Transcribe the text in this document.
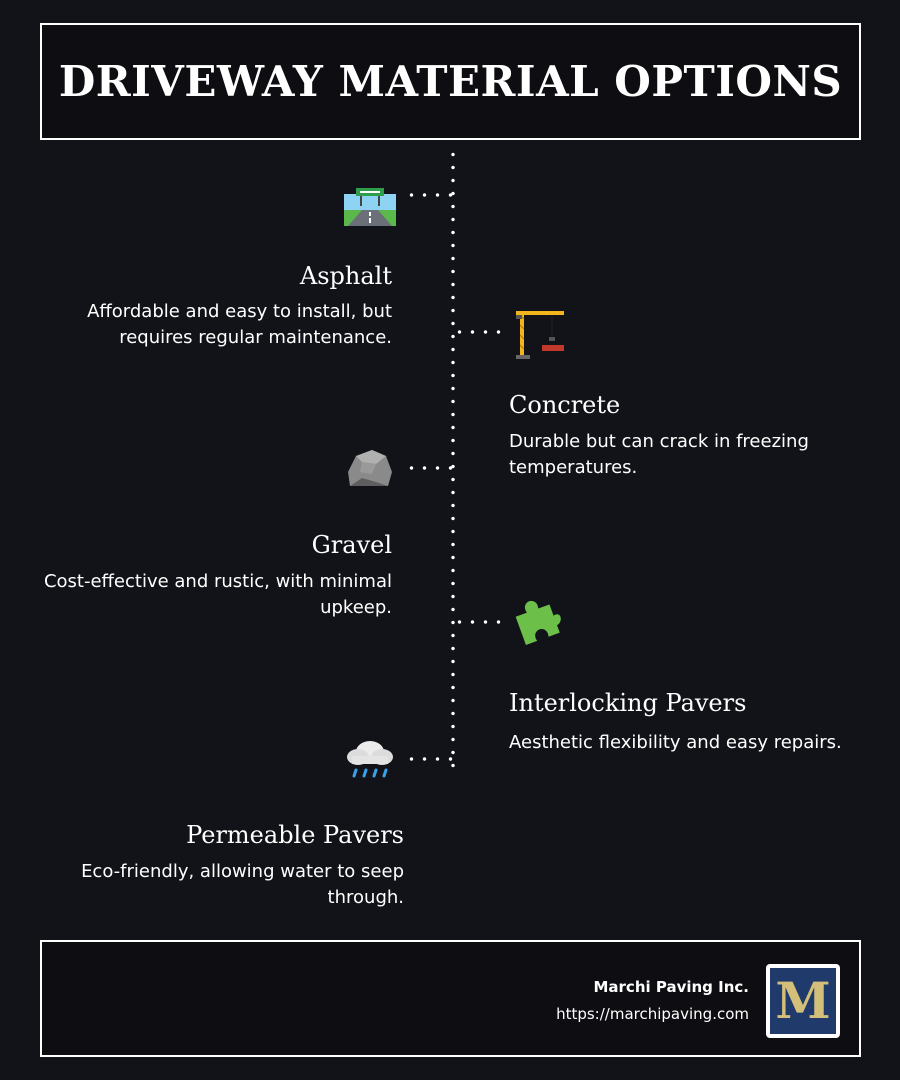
DRIVEWAY MATERIAL OPTIONS
Asphalt
Affordable and easy to install, but requires regular maintenance.
Concrete
Durable but can crack in freezing temperatures.
Gravel
Cost-effective and rustic, with minimal upkeep.
Interlocking Pavers
Aesthetic flexibility and easy repairs.
Permeable Pavers
Eco-friendly, allowing water to seep through.
Marchi Paving Inc.
https://marchipaving.com M
